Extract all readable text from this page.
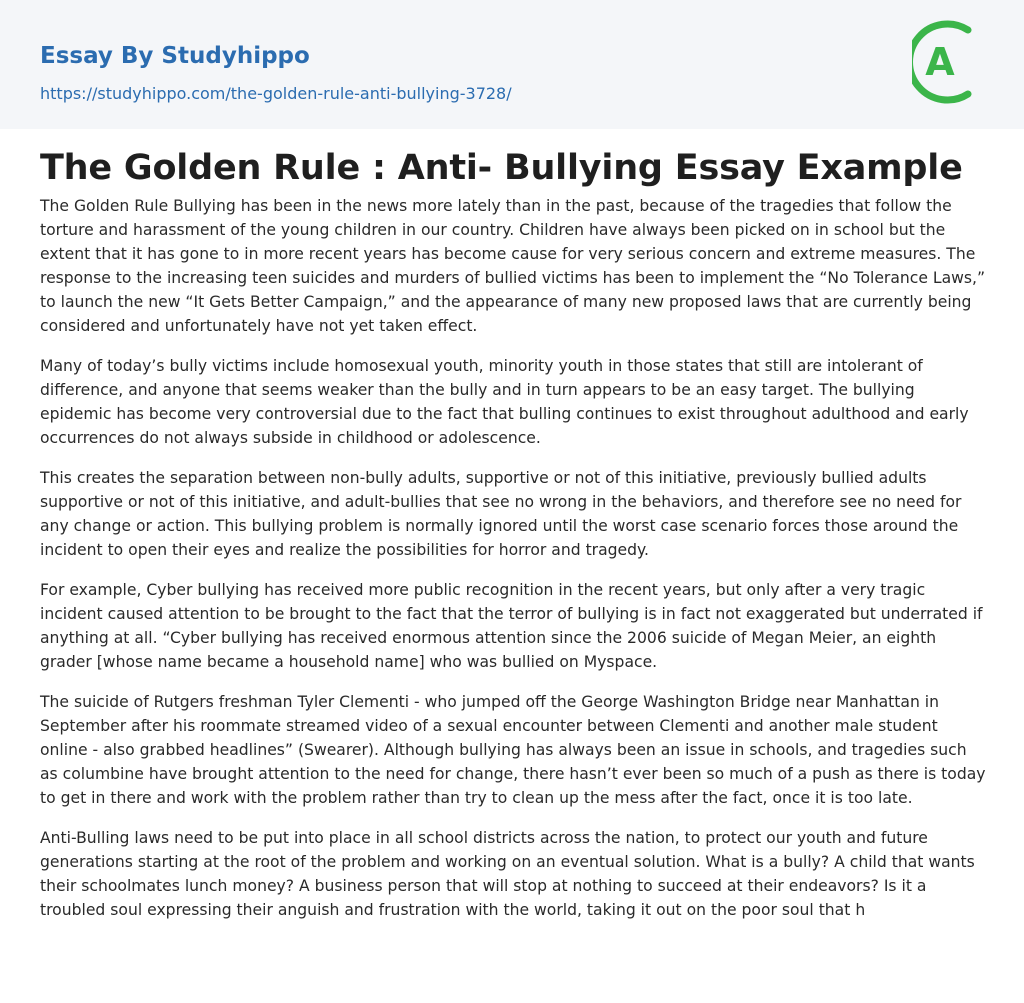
Essay By Studyhippo
https://studyhippo.com/the-golden-rule-anti-bullying-3728/
A
The Golden Rule : Anti- Bullying Essay Example

The Golden Rule Bullying has been in the news more lately than in the past, because of the tragedies that follow the torture and harassment of the young children in our country. Children have always been picked on in school but the extent that it has gone to in more recent years has become cause for very serious concern and extreme measures. The response to the increasing teen suicides and murders of bullied victims has been to implement the “No Tolerance Laws,” to launch the new “It Gets Better Campaign,” and the appearance of many new proposed laws that are currently being considered and unfortunately have not yet taken effect.

Many of today’s bully victims include homosexual youth, minority youth in those states that still are intolerant of difference, and anyone that seems weaker than the bully and in turn appears to be an easy target. The bullying epidemic has become very controversial due to the fact that bulling continues to exist throughout adulthood and early occurrences do not always subside in childhood or adolescence.

This creates the separation between non-bully adults, supportive or not of this initiative, previously bullied adults supportive or not of this initiative, and adult-bullies that see no wrong in the behaviors, and therefore see no need for any change or action. This bullying problem is normally ignored until the worst case scenario forces those around the incident to open their eyes and realize the possibilities for horror and tragedy.

For example, Cyber bullying has received more public recognition in the recent years, but only after a very tragic incident caused attention to be brought to the fact that the terror of bullying is in fact not exaggerated but underrated if anything at all. “Cyber bullying has received enormous attention since the 2006 suicide of Megan Meier, an eighth grader [whose name became a household name] who was bullied on Myspace.

The suicide of Rutgers freshman Tyler Clementi - who jumped off the George Washington Bridge near Manhattan in September after his roommate streamed video of a sexual encounter between Clementi and another male student online - also grabbed headlines” (Swearer). Although bullying has always been an issue in schools, and tragedies such as columbine have brought attention to the need for change, there hasn’t ever been so much of a push as there is today to get in there and work with the problem rather than try to clean up the mess after the fact, once it is too late.

Anti-Bulling laws need to be put into place in all school districts across the nation, to protect our youth and future generations starting at the root of the problem and working on an eventual solution. What is a bully? A child that wants their schoolmates lunch money? A business person that will stop at nothing to succeed at their endeavors? Is it a troubled soul expressing their anguish and frustration with the world, taking it out on the poor soul that h
